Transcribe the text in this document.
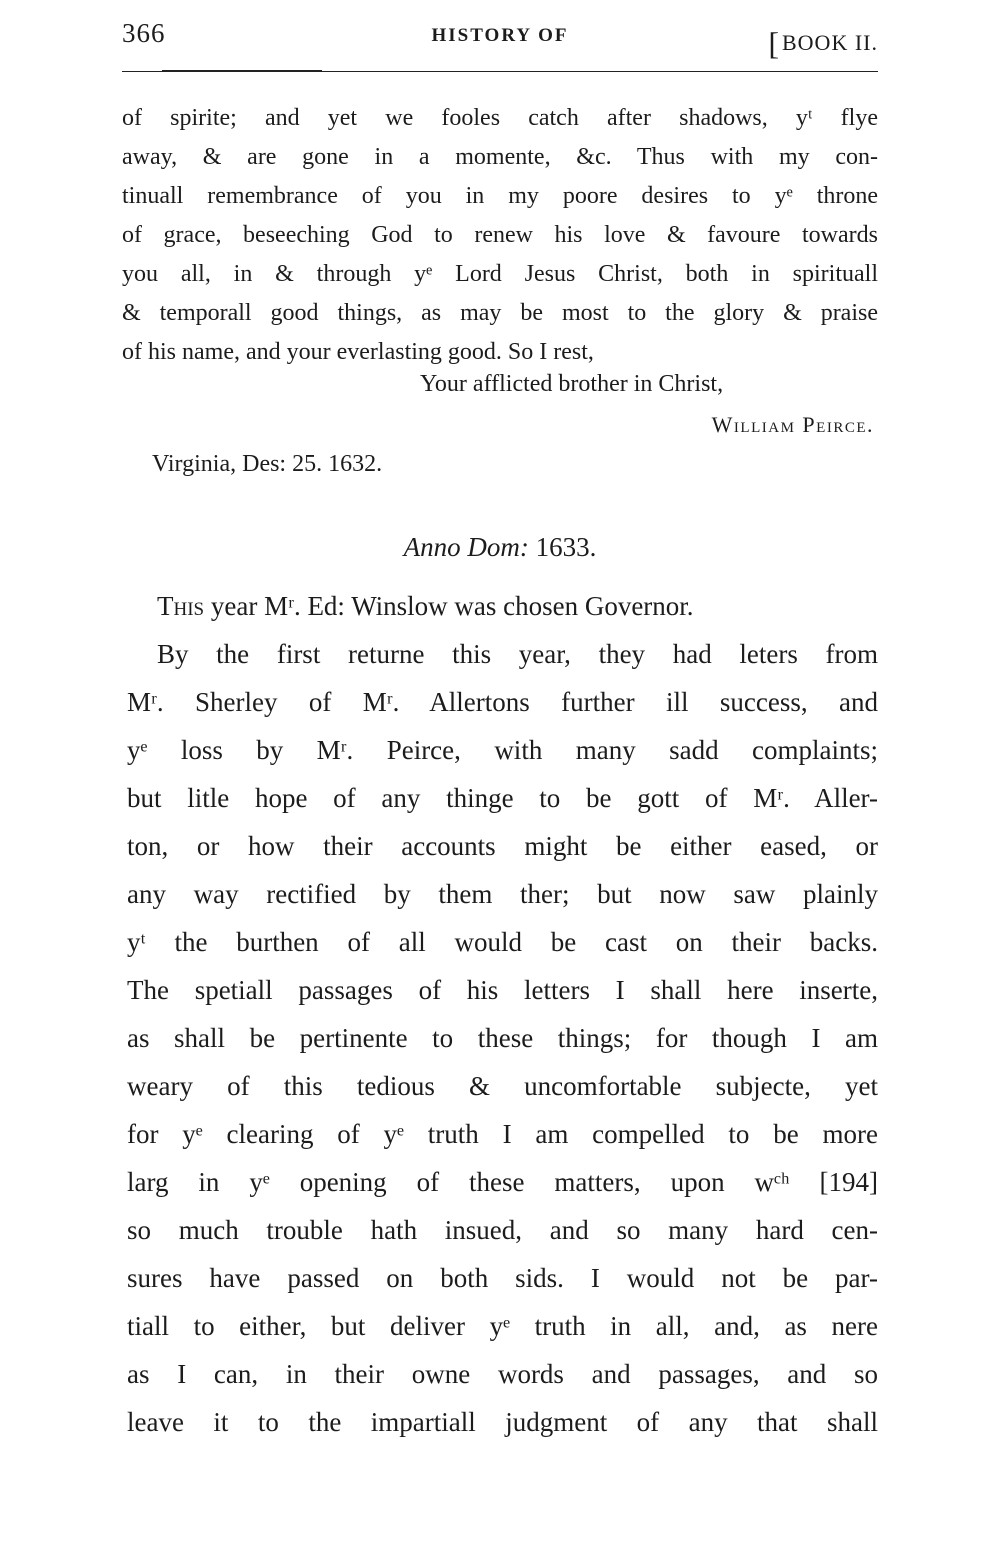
366	HISTORY OF	[BOOK II.
of spirite; and yet we fooles catch after shadows, yᵗ flye
away, & are gone in a momente, &c. Thus with my con-
tinuall remembrance of you in my poore desires to yᵉ throne
of grace, beseeching God to renew his love & favoure towards
you all, in & through yᵉ Lord Jesus Christ, both in spirituall
& temporall good things, as may be most to the glory & praise
of his name, and your everlasting good. So I rest,
Your afflicted brother in Christ,
William Peirce.
Virginia, Des: 25. 1632.
Anno Dom: 1633.
This year Mʳ. Ed: Winslow was chosen Governor.
By the first returne this year, they had leters from
Mʳ. Sherley of Mʳ. Allertons further ill success, and
yᵉ loss by Mʳ. Peirce, with many sadd complaints;
but litle hope of any thinge to be gott of Mʳ. Aller-
ton, or how their accounts might be either eased, or
any way rectified by them ther; but now saw plainly
yᵗ the burthen of all would be cast on their backs.
The spetiall passages of his letters I shall here inserte,
as shall be pertinente to these things; for though I am
weary of this tedious & uncomfortable subjecte, yet
for yᵉ clearing of yᵉ truth I am compelled to be more
larg in yᵉ opening of these matters, upon wᶜʰ [194]
so much trouble hath insued, and so many hard cen-
sures have passed on both sids. I would not be par-
tiall to either, but deliver yᵉ truth in all, and, as nere
as I can, in their owne words and passages, and so
leave it to the impartiall judgment of any that shall
